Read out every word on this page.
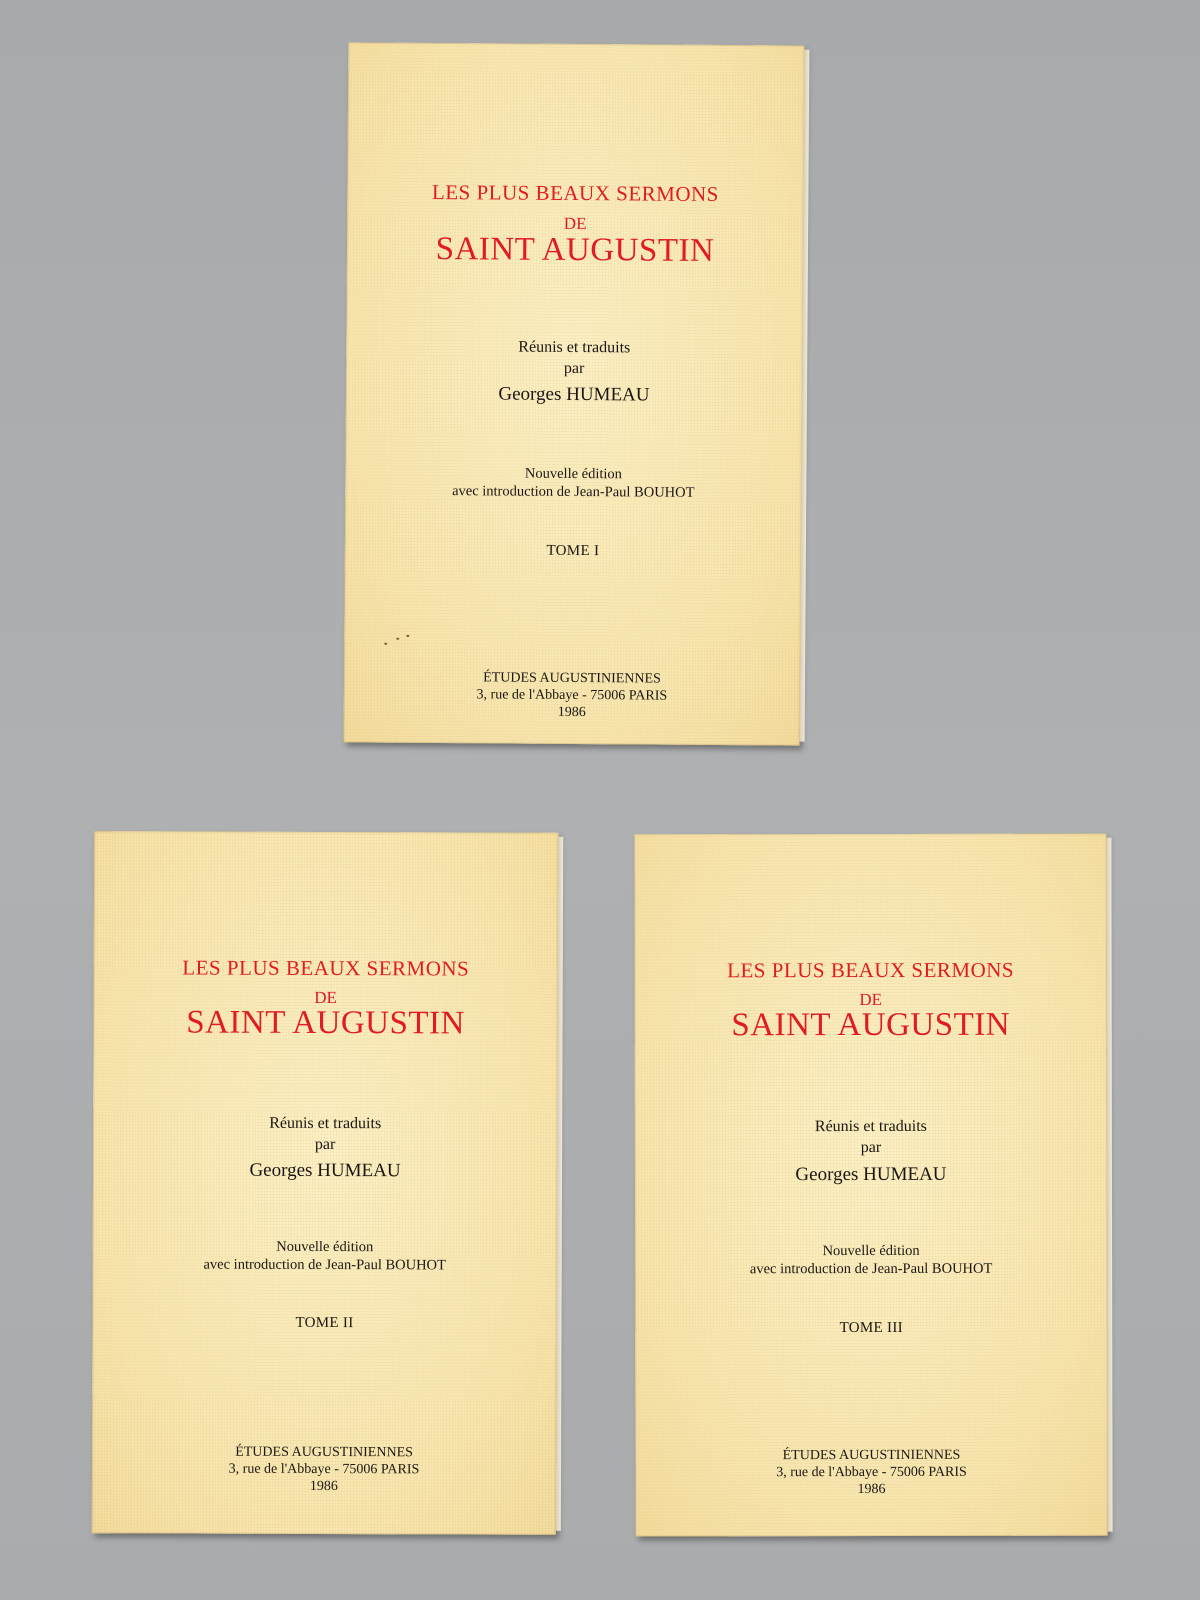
LES PLUS BEAUX SERMONS
DE
SAINT AUGUSTIN
Réunis et traduits
par
Georges HUMEAU
Nouvelle édition
avec introduction de Jean-Paul BOUHOT
TOME I
ÉTUDES AUGUSTINIENNES
3, rue de l'Abbaye - 75006 PARIS
1986
LES PLUS BEAUX SERMONS
DE
SAINT AUGUSTIN
Réunis et traduits
par
Georges HUMEAU
Nouvelle édition
avec introduction de Jean-Paul BOUHOT
TOME II
ÉTUDES AUGUSTINIENNES
3, rue de l'Abbaye - 75006 PARIS
1986
LES PLUS BEAUX SERMONS
DE
SAINT AUGUSTIN
Réunis et traduits
par
Georges HUMEAU
Nouvelle édition
avec introduction de Jean-Paul BOUHOT
TOME III
ÉTUDES AUGUSTINIENNES
3, rue de l'Abbaye - 75006 PARIS
1986
